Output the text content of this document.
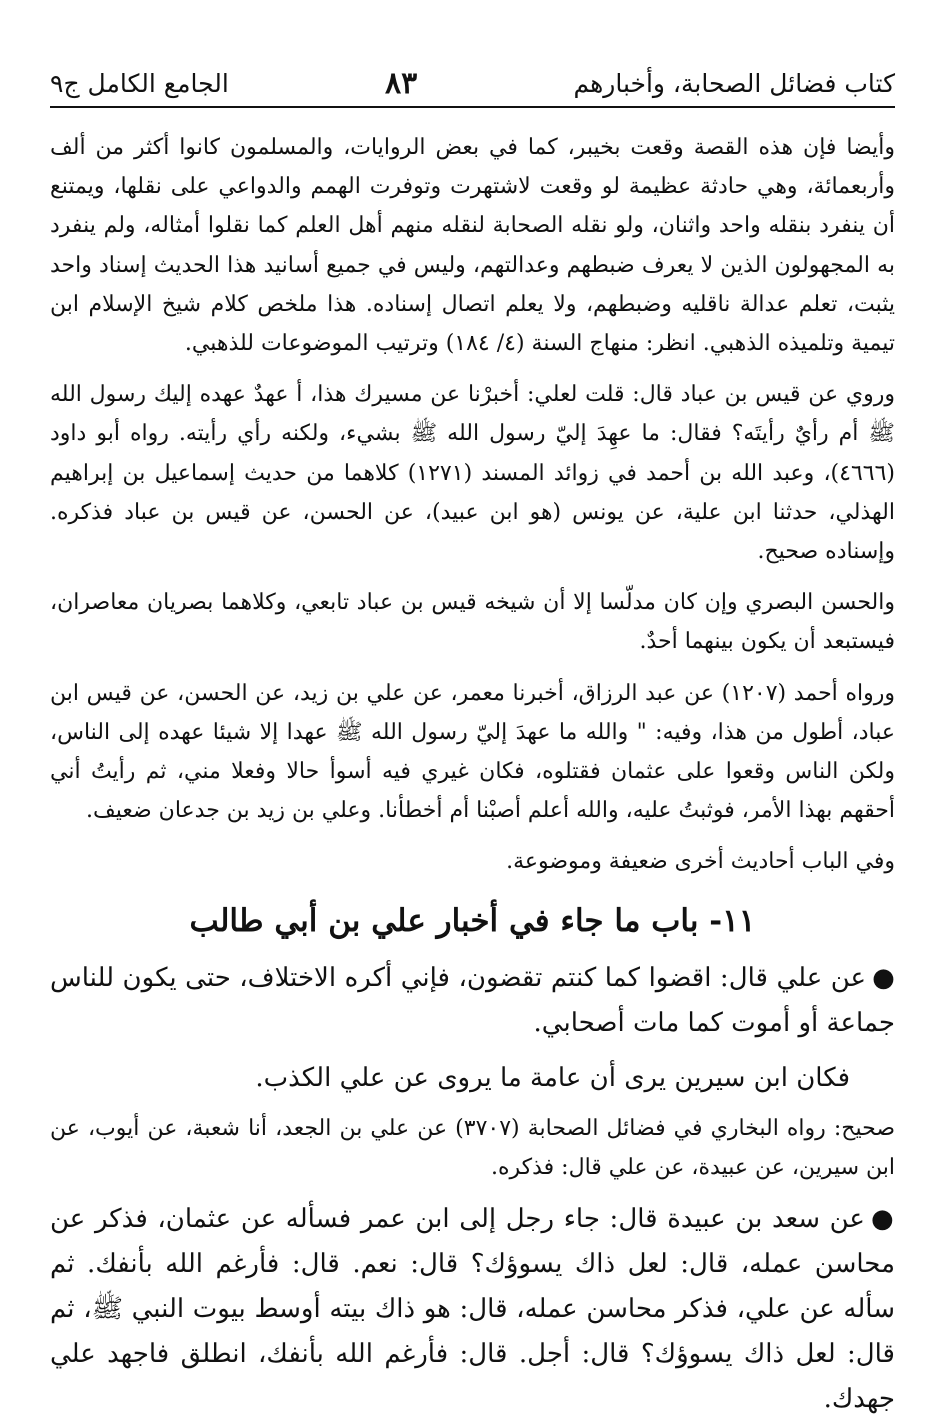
كتاب فضائل الصحابة، وأخبارهم
٨٣
الجامع الكامل ج٩

وأيضا فإن هذه القصة وقعت بخيبر، كما في بعض الروايات، والمسلمون كانوا أكثر من ألف وأربعمائة، وهي حادثة عظيمة لو وقعت لاشتهرت وتوفرت الهمم والدواعي على نقلها، ويمتنع أن ينفرد بنقله واحد واثنان، ولو نقله الصحابة لنقله منهم أهل العلم كما نقلوا أمثاله، ولم ينفرد به المجهولون الذين لا يعرف ضبطهم وعدالتهم، وليس في جميع أسانيد هذا الحديث إسناد واحد يثبت، تعلم عدالة ناقليه وضبطهم، ولا يعلم اتصال إسناده. هذا ملخص كلام شيخ الإسلام ابن تيمية وتلميذه الذهبي. انظر: منهاج السنة (٤/ ١٨٤) وترتيب الموضوعات للذهبي.

وروي عن قيس بن عباد قال: قلت لعلي: أخبرْنا عن مسيرك هذا، أ عهدٌ عهده إليك رسول الله ﷺ أم رأيٌ رأيتَه؟ فقال: ما عهِدَ إليّ رسول الله ﷺ بشيء، ولكنه رأي رأيته. رواه أبو داود (٤٦٦٦)، وعبد الله بن أحمد في زوائد المسند (١٢٧١) كلاهما من حديث إسماعيل بن إبراهيم الهذلي، حدثنا ابن علية، عن يونس (هو ابن عبيد)، عن الحسن، عن قيس بن عباد فذكره. وإسناده صحيح.

والحسن البصري وإن كان مدلّسا إلا أن شيخه قيس بن عباد تابعي، وكلاهما بصريان معاصران، فيستبعد أن يكون بينهما أحدٌ.

ورواه أحمد (١٢٠٧) عن عبد الرزاق، أخبرنا معمر، عن علي بن زيد، عن الحسن، عن قيس ابن عباد، أطول من هذا، وفيه: " والله ما عهدَ إليّ رسول الله ﷺ عهدا إلا شيئا عهده إلى الناس، ولكن الناس وقعوا على عثمان فقتلوه، فكان غيري فيه أسوأ حالا وفعلا مني، ثم رأيتُ أني أحقهم بهذا الأمر، فوثبتُ عليه، والله أعلم أصبْنا أم أخطأنا. وعلي بن زيد بن جدعان ضعيف.

وفي الباب أحاديث أخرى ضعيفة وموضوعة.

١١- باب ما جاء في أخبار علي بن أبي طالب

●عن علي قال: اقضوا كما كنتم تقضون، فإني أكره الاختلاف، حتى يكون للناس جماعة أو أموت كما مات أصحابي.

فكان ابن سيرين يرى أن عامة ما يروى عن علي الكذب.

صحيح: رواه البخاري في فضائل الصحابة (٣٧٠٧) عن علي بن الجعد، أنا شعبة، عن أيوب، عن ابن سيرين، عن عبيدة، عن علي قال: فذكره.

●عن سعد بن عبيدة قال: جاء رجل إلى ابن عمر فسأله عن عثمان، فذكر عن محاسن عمله، قال: لعل ذاك يسوؤك؟ قال: نعم. قال: فأرغم الله بأنفك. ثم سأله عن علي، فذكر محاسن عمله، قال: هو ذاك بيته أوسط بيوت النبي ﷺ، ثم قال: لعل ذاك يسوؤك؟ قال: أجل. قال: فأرغم الله بأنفك، انطلق فاجهد علي جهدك.
